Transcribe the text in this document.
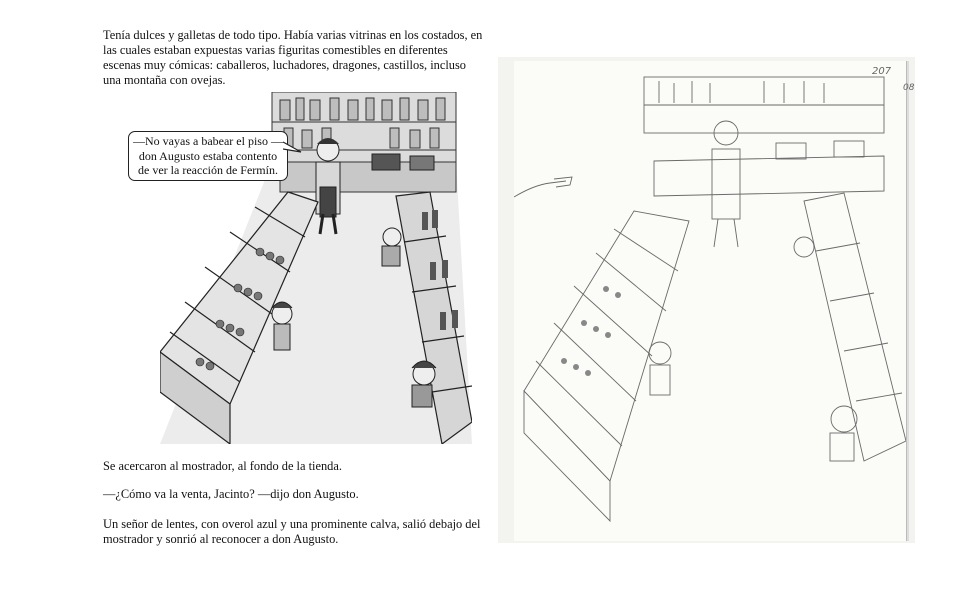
Tenía dulces y galletas de todo tipo. Había varias vitrinas en los costados, en las cuales estaban expuestas varias figuritas comestibles en diferentes escenas muy cómicas: caballeros, luchadores, dragones, castillos, incluso una montaña con ovejas.

—No vayas a babear el piso —don Augusto estaba contento de ver la reacción de Fermín.

Se acercaron al mostrador, al fondo de la tienda.

—¿Cómo va la venta, Jacinto? —dijo don Augusto.

Un señor de lentes, con overol azul y una prominente calva, salió debajo del mostrador y sonrió al reconocer a don Augusto.

207
08
